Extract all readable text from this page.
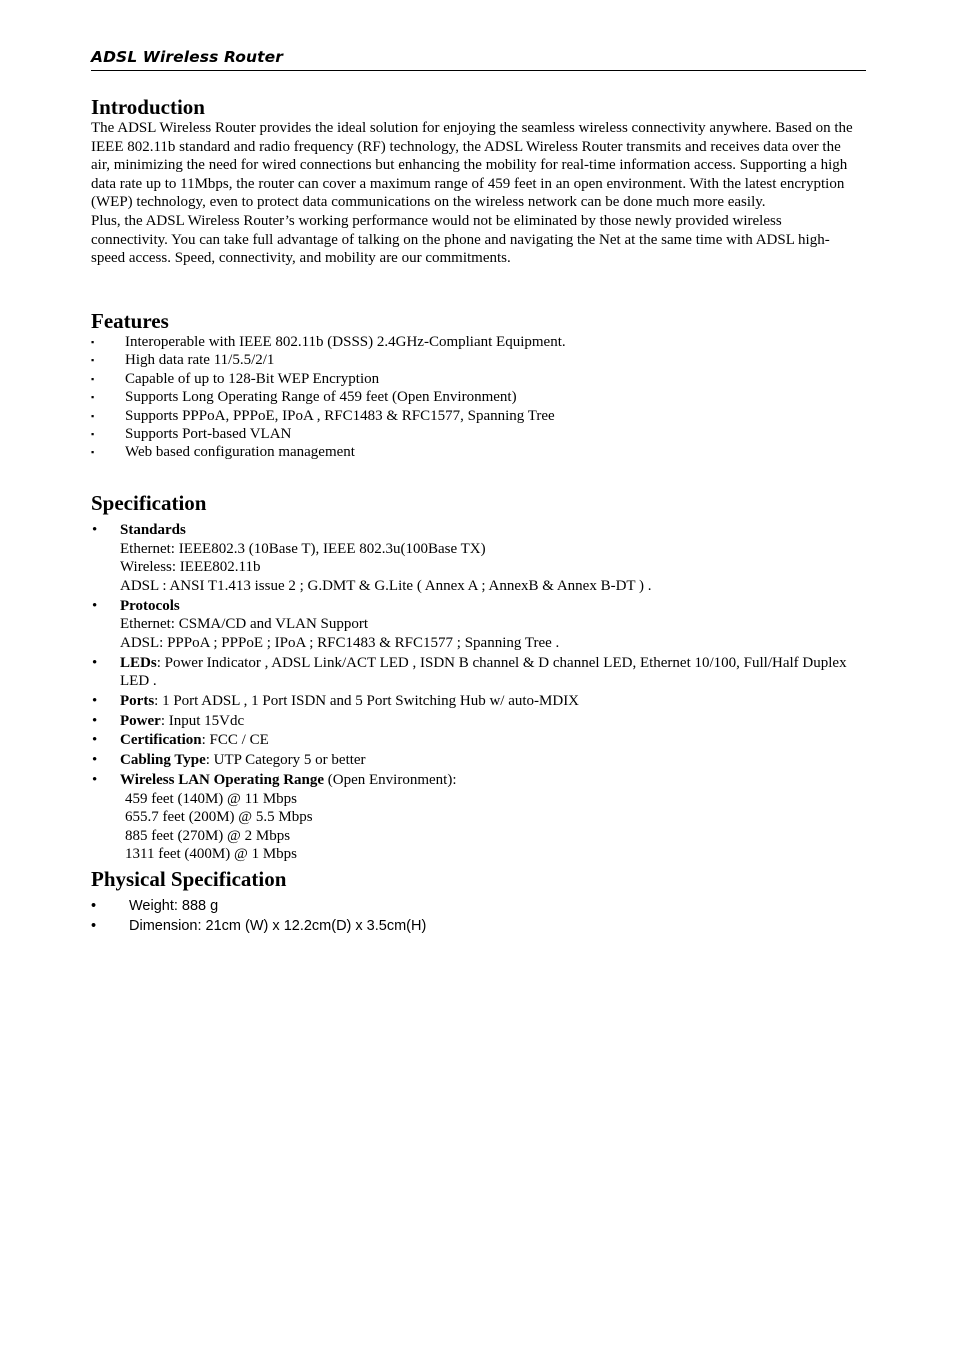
ADSL Wireless Router
Introduction

The ADSL Wireless Router provides the ideal solution for enjoying the seamless wireless connectivity anywhere. Based on the IEEE 802.11b standard and radio frequency (RF) technology, the ADSL Wireless Router transmits and receives data over the air, minimizing the need for wired connections but enhancing the mobility for real-time information access. Supporting a high data rate up to 11Mbps, the router can cover a maximum range of 459 feet in an open environment. With the latest encryption (WEP) technology, even to protect data communications on the wireless network can be done much more easily.

Plus, the ADSL Wireless Router’s working performance would not be eliminated by those newly provided wireless connectivity. You can take full advantage of talking on the phone and navigating the Net at the same time with ADSL high-speed access. Speed, connectivity, and mobility are our commitments.

Features
▪ Interoperable with IEEE 802.11b (DSSS) 2.4GHz-Compliant Equipment.
▪ High data rate 11/5.5/2/1
▪ Capable of up to 128-Bit WEP Encryption
▪ Supports Long Operating Range of 459 feet (Open Environment)
▪ Supports PPPoA, PPPoE, IPoA , RFC1483 & RFC1577, Spanning Tree
▪ Supports Port-based VLAN
▪ Web based configuration management
Specification
• Standards
Ethernet: IEEE802.3 (10Base T), IEEE 802.3u(100Base TX)
Wireless: IEEE802.11b
ADSL : ANSI T1.413 issue 2 ; G.DMT & G.Lite ( Annex A ; AnnexB & Annex B-DT ) .
• Protocols
Ethernet: CSMA/CD and VLAN Support
ADSL: PPPoA ; PPPoE ; IPoA ; RFC1483 & RFC1577 ; Spanning Tree .
• LEDs: Power Indicator , ADSL Link/ACT LED , ISDN B channel & D channel LED, Ethernet 10/100, Full/Half Duplex LED .
• Ports: 1 Port ADSL , 1 Port ISDN and 5 Port Switching Hub w/ auto-MDIX
• Power: Input 15Vdc
• Certification: FCC / CE
• Cabling Type: UTP Category 5 or better
• Wireless LAN Operating Range (Open Environment):
459 feet (140M) @ 11 Mbps
655.7 feet (200M) @ 5.5 Mbps
885 feet (270M) @ 2 Mbps
1311 feet (400M) @ 1 Mbps
Physical Specification
• Weight: 888 g
• Dimension: 21cm (W) x 12.2cm(D) x 3.5cm(H)
